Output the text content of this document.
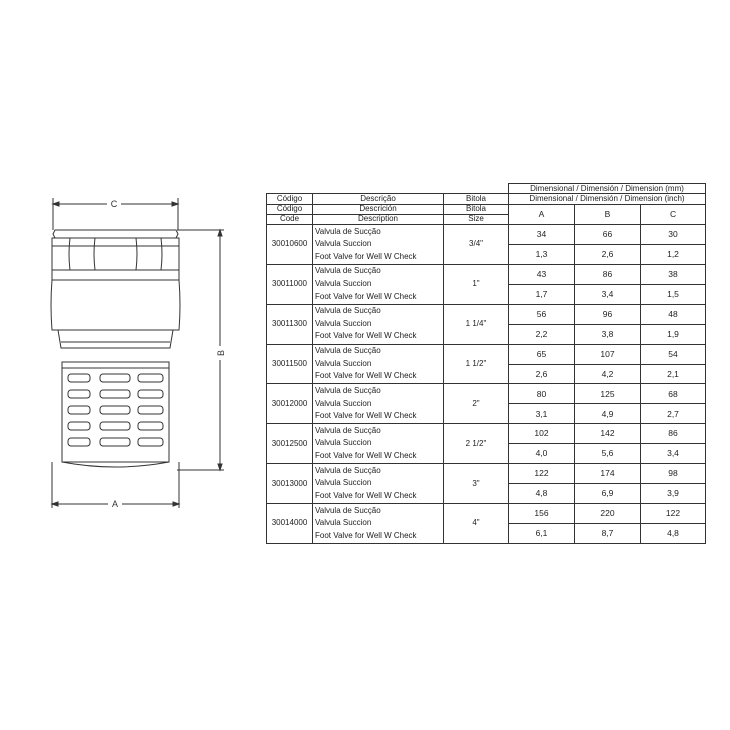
C
B
A
			Dimensional / Dimensión / Dimension (mm)		
Código	Descrição	Bitola	Dimensional / Dimensión / Dimension (inch)		
Código	Descrición	Bitola	A	B	C
Code	Description	Size			
30010600	Valvula de Sucção
Valvula Succion
Foot Valve for Well W Check	3/4"	34	66	30
			1,3	2,6	1,2
30011000	Valvula de Sucção
Valvula Succion
Foot Valve for Well W Check	1"	43	86	38
			1,7	3,4	1,5
30011300	Valvula de Sucção
Valvula Succion
Foot Valve for Well W Check	1 1/4"	56	96	48
			2,2	3,8	1,9
30011500	Valvula de Sucção
Valvula Succion
Foot Valve for Well W Check	1 1/2"	65	107	54
			2,6	4,2	2,1
30012000	Valvula de Sucção
Valvula Succion
Foot Valve for Well W Check	2"	80	125	68
			3,1	4,9	2,7
30012500	Valvula de Sucção
Valvula Succion
Foot Valve for Well W Check	2 1/2"	102	142	86
			4,0	5,6	3,4
30013000	Valvula de Sucção
Valvula Succion
Foot Valve for Well W Check	3"	122	174	98
			4,8	6,9	3,9
30014000	Valvula de Sucção
Valvula Succion
Foot Valve for Well W Check	4"	156	220	122
			6,1	8,7	4,8
